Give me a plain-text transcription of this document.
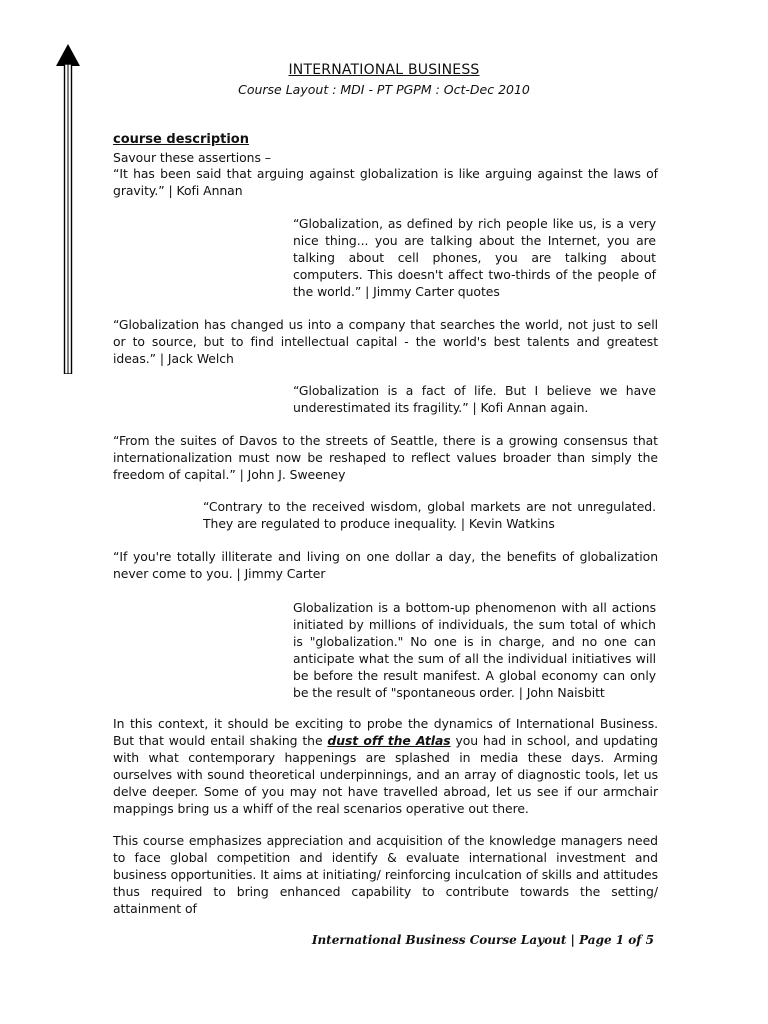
INTERNATIONAL BUSINESS
Course Layout : MDI - PT PGPM : Oct-Dec 2010
course description

Savour these assertions –

“It has been said that arguing against globalization is like arguing against the laws of gravity.” | Kofi Annan

“Globalization, as defined by rich people like us, is a very nice thing... you are talking about the Internet, you are talking about cell phones, you are talking about computers. This doesn't affect two-thirds of the people of the world.” | Jimmy Carter quotes

“Globalization has changed us into a company that searches the world, not just to sell or to source, but to find intellectual capital - the world's best talents and greatest ideas.” | Jack Welch

“Globalization is a fact of life. But I believe we have underestimated its fragility.” | Kofi Annan again.

“From the suites of Davos to the streets of Seattle, there is a growing consensus that internationalization must now be reshaped to reflect values broader than simply the freedom of capital.” | John J. Sweeney

“Contrary to the received wisdom, global markets are not unregulated. They are regulated to produce inequality. | Kevin Watkins

“If you're totally illiterate and living on one dollar a day, the benefits of globalization never come to you. | Jimmy Carter

Globalization is a bottom-up phenomenon with all actions initiated by millions of individuals, the sum total of which is "globalization." No one is in charge, and no one can anticipate what the sum of all the individual initiatives will be before the result manifest. A global economy can only be the result of "spontaneous order. | John Naisbitt

In this context, it should be exciting to probe the dynamics of International Business. But that would entail shaking the dust off the Atlas you had in school, and updating with what contemporary happenings are splashed in media these days. Arming ourselves with sound theoretical underpinnings, and an array of diagnostic tools, let us delve deeper. Some of you may not have travelled abroad, let us see if our armchair mappings bring us a whiff of the real scenarios operative out there.

This course emphasizes appreciation and acquisition of the knowledge managers need to face global competition and identify & evaluate international investment and business opportunities. It aims at initiating/ reinforcing inculcation of skills and attitudes thus required to bring enhanced capability to contribute towards the setting/ attainment of

International Business Course Layout | Page 1 of 5
